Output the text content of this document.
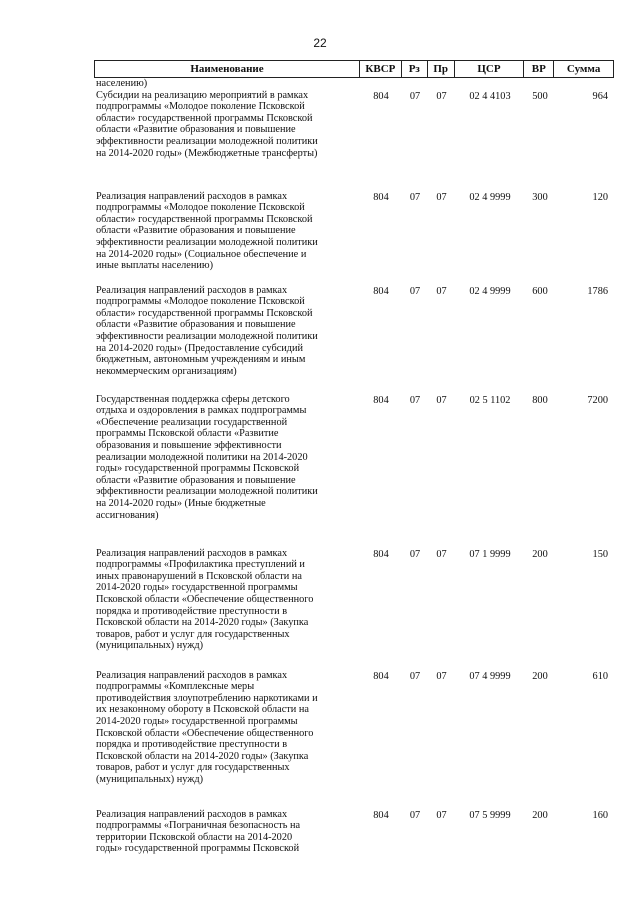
22
Наименование	КВСР	Рз	Пр	ЦСР	ВР	Сумма
населению)
Субсидии на реализацию мероприятий в рамках
подпрограммы «Молодое поколение Псковской
области» государственной программы Псковской
области «Развитие образования и повышение
эффективности реализации молодежной политики
на 2014-2020 годы» (Межбюджетные трансферты)
804	07	07	02 4 4103	500	964
Реализация направлений расходов в рамках
подпрограммы «Молодое поколение Псковской
области» государственной программы Псковской
области «Развитие образования и повышение
эффективности реализации молодежной политики
на 2014-2020 годы» (Социальное обеспечение и
иные выплаты населению)
804	07	07	02 4 9999	300	120
Реализация направлений расходов в рамках
подпрограммы «Молодое поколение Псковской
области» государственной программы Псковской
области «Развитие образования и повышение
эффективности реализации молодежной политики
на 2014-2020 годы» (Предоставление субсидий
бюджетным, автономным учреждениям и иным
некоммерческим организациям)
804	07	07	02 4 9999	600	1786
Государственная поддержка сферы детского
отдыха и оздоровления в рамках подпрограммы
«Обеспечение реализации государственной
программы Псковской области «Развитие
образования и повышение эффективности
реализации молодежной политики на 2014-2020
годы» государственной программы Псковской
области «Развитие образования и повышение
эффективности реализации молодежной политики
на 2014-2020 годы» (Иные бюджетные
ассигнования)
804	07	07	02 5 1102	800	7200
Реализация направлений расходов в рамках
подпрограммы «Профилактика преступлений и
иных правонарушений в Псковской области на
2014-2020 годы» государственной программы
Псковской области «Обеспечение общественного
порядка и противодействие преступности в
Псковской области на 2014-2020 годы» (Закупка
товаров, работ и услуг для государственных
(муниципальных) нужд)
804	07	07	07 1 9999	200	150
Реализация направлений расходов в рамках
подпрограммы «Комплексные меры
противодействия злоупотреблению наркотиками и
их незаконному обороту в Псковской области на
2014-2020 годы» государственной программы
Псковской области «Обеспечение общественного
порядка и противодействие преступности в
Псковской области на 2014-2020 годы» (Закупка
товаров, работ и услуг для государственных
(муниципальных) нужд)
804	07	07	07 4 9999	200	610
Реализация направлений расходов в рамках
подпрограммы «Пограничная безопасность на
территории Псковской области на 2014-2020
годы» государственной программы Псковской
804	07	07	07 5 9999	200	160
